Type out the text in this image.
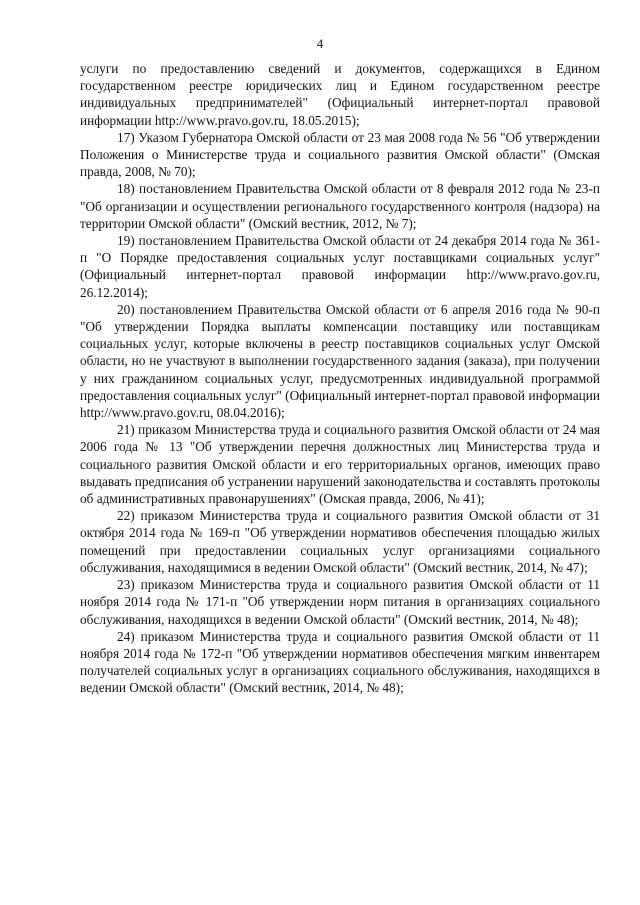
4

услуги по предоставлению сведений и документов, содержащихся в Едином государственном реестре юридических лиц и Едином государственном реестре индивидуальных предпринимателей" (Официальный интернет-портал правовой информации http://www.pravo.gov.ru, 18.05.2015);

17) Указом Губернатора Омской области от 23 мая 2008 года № 56 "Об утверждении Положения о Министерстве труда и социального развития Омской области" (Омская правда, 2008, № 70);

18) постановлением Правительства Омской области от 8 февраля 2012 года № 23-п "Об организации и осуществлении регионального государственного контроля (надзора) на территории Омской области" (Омский вестник, 2012, № 7);

19) постановлением Правительства Омской области от 24 декабря 2014 года № 361-п "О Порядке предоставления социальных услуг поставщиками социальных услуг" (Официальный интернет-портал правовой информации http://www.pravo.gov.ru, 26.12.2014);

20) постановлением Правительства Омской области от 6 апреля 2016 года № 90-п "Об утверждении Порядка выплаты компенсации поставщику или поставщикам социальных услуг, которые включены в реестр поставщиков социальных услуг Омской области, но не участвуют в выполнении государственного задания (заказа), при получении у них гражданином социальных услуг, предусмотренных индивидуальной программой предоставления социальных услуг" (Официальный интернет-портал правовой информации http://www.pravo.gov.ru, 08.04.2016);

21) приказом Министерства труда и социального развития Омской области от 24 мая 2006 года № 13 "Об утверждении перечня должностных лиц Министерства труда и социального развития Омской области и его территориальных органов, имеющих право выдавать предписания об устранении нарушений законодательства и составлять протоколы об административных правонарушениях" (Омская правда, 2006, № 41);

22) приказом Министерства труда и социального развития Омской области от 31 октября 2014 года № 169-п "Об утверждении нормативов обеспечения площадью жилых помещений при предоставлении социальных услуг организациями социального обслуживания, находящимися в ведении Омской области" (Омский вестник, 2014, № 47);

23) приказом Министерства труда и социального развития Омской области от 11 ноября 2014 года № 171-п "Об утверждении норм питания в организациях социального обслуживания, находящихся в ведении Омской области" (Омский вестник, 2014, № 48);

24) приказом Министерства труда и социального развития Омской области от 11 ноября 2014 года № 172-п "Об утверждении нормативов обеспечения мягким инвентарем получателей социальных услуг в организациях социального обслуживания, находящихся в ведении Омской области" (Омский вестник, 2014, № 48);
